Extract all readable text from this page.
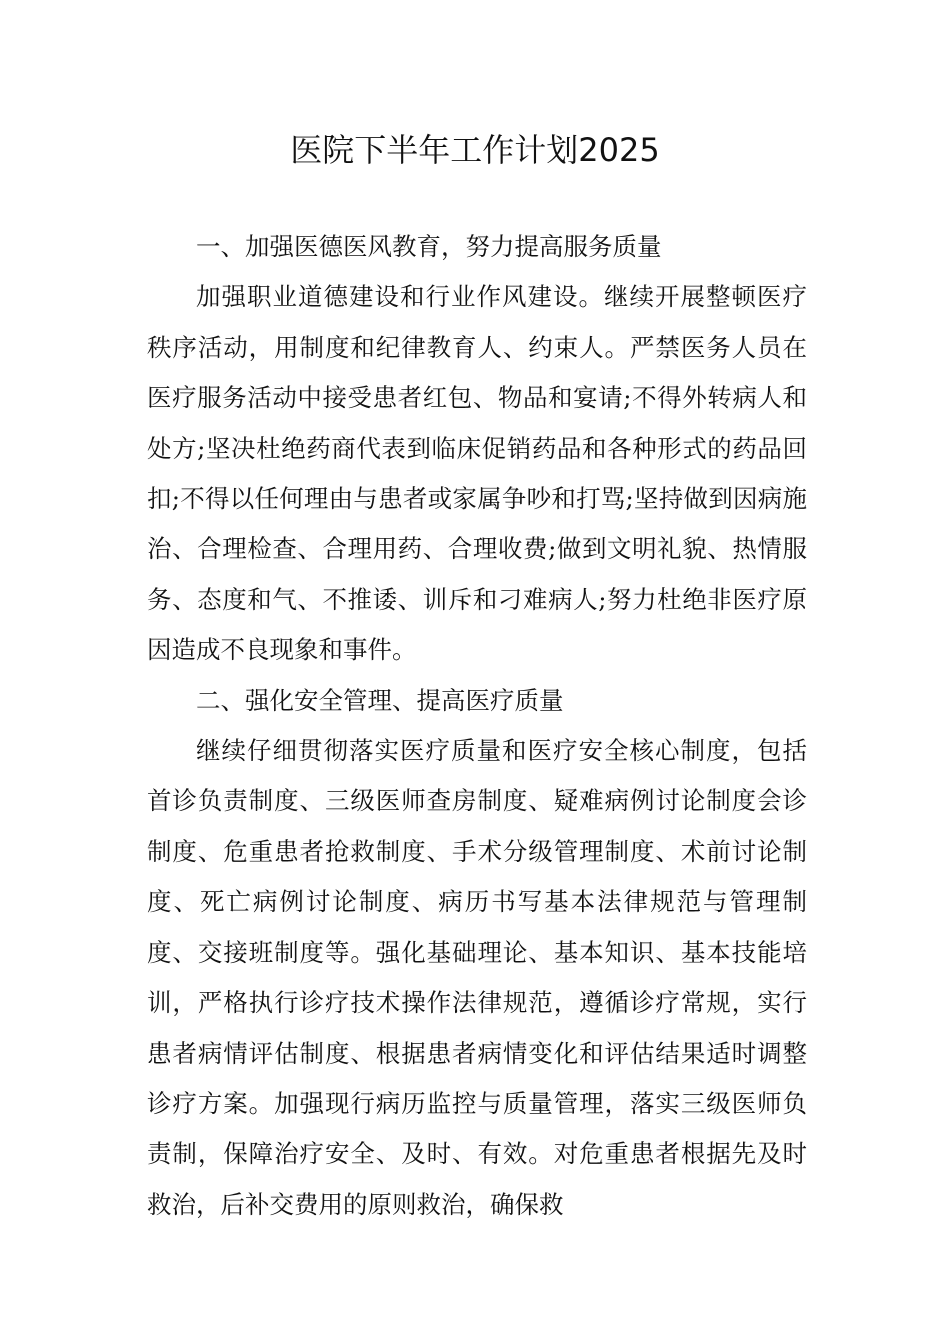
医院下半年工作计划2025

一、加强医德医风教育，努力提高服务质量

加强职业道德建设和行业作风建设。继续开展整顿医疗秩序活动，用制度和纪律教育人、约束人。严禁医务人员在医疗服务活动中接受患者红包、物品和宴请;不得外转病人和处方;坚决杜绝药商代表到临床促销药品和各种形式的药品回扣;不得以任何理由与患者或家属争吵和打骂;坚持做到因病施治、合理检查、合理用药、合理收费;做到文明礼貌、热情服务、态度和气、不推诿、训斥和刁难病人;努力杜绝非医疗原因造成不良现象和事件。

二、强化安全管理、提高医疗质量

继续仔细贯彻落实医疗质量和医疗安全核心制度，包括首诊负责制度、三级医师查房制度、疑难病例讨论制度会诊制度、危重患者抢救制度、手术分级管理制度、术前讨论制度、死亡病例讨论制度、病历书写基本法律规范与管理制度、交接班制度等。强化基础理论、基本知识、基本技能培训，严格执行诊疗技术操作法律规范，遵循诊疗常规，实行患者病情评估制度、根据患者病情变化和评估结果适时调整诊疗方案。加强现行病历监控与质量管理，落实三级医师负责制，保障治疗安全、及时、有效。对危重患者根据先及时救治，后补交费用的原则救治，确保救
